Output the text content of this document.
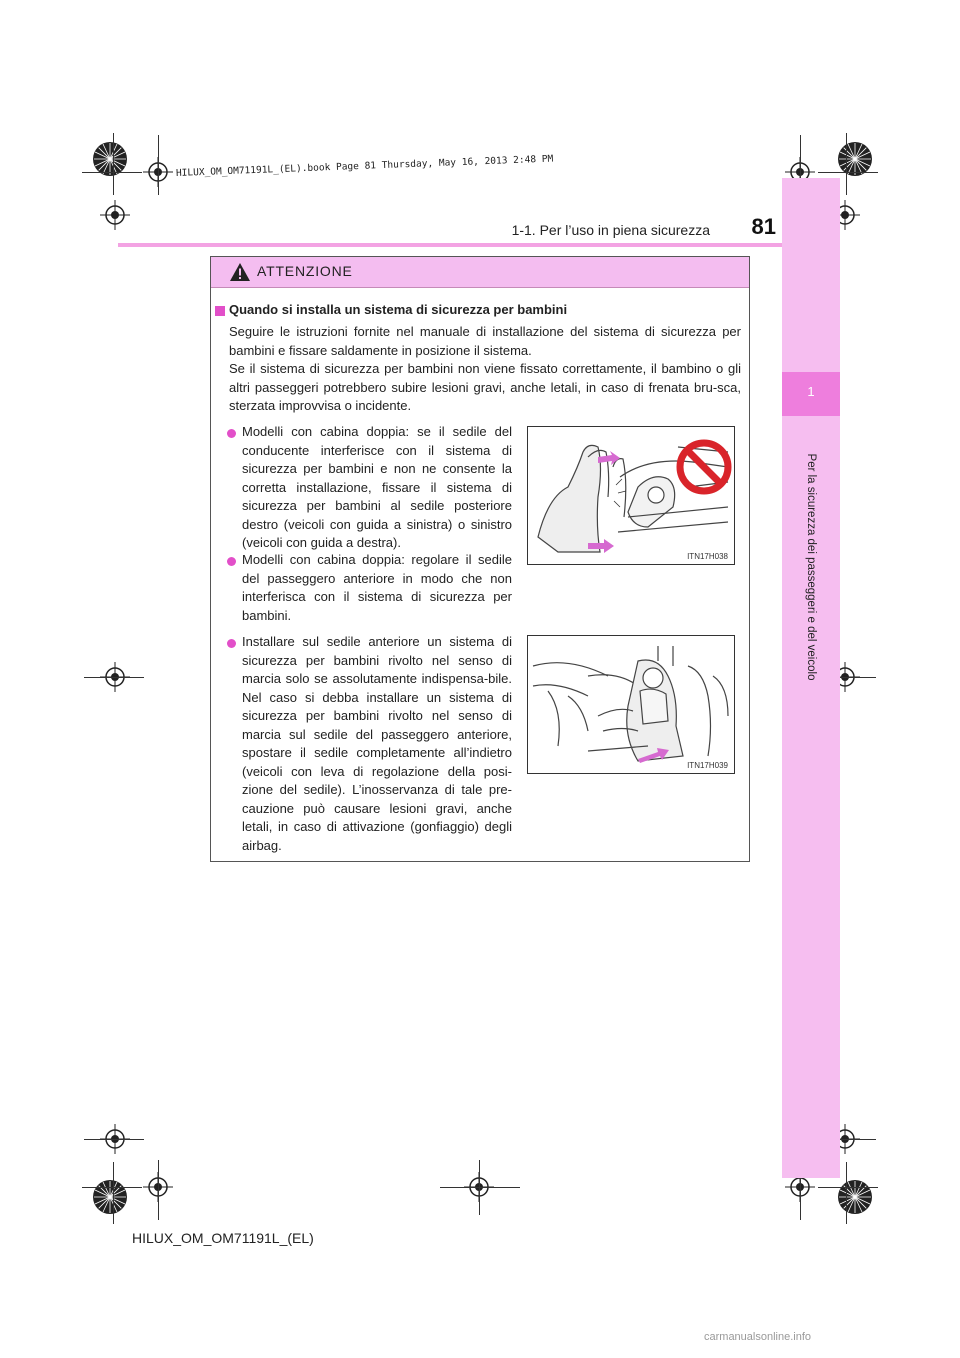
HILUX_OM_OM71191L_(EL).book Page 81 Thursday, May 16, 2013 2:48 PM
1
Per la sicurezza dei passeggeri e del veicolo
1-1. Per l’uso in piena sicurezza	81
ATTENZIONE
Quando si installa un sistema di sicurezza per bambini
Seguire le istruzioni fornite nel manuale di installazione del sistema di sicurezza per bambini e fissare saldamente in posizione il sistema.
Se il sistema di sicurezza per bambini non viene fissato correttamente, il bambino o gli altri passeggeri potrebbero subire lesioni gravi, anche letali, in caso di frenata bru-sca, sterzata improvvisa o incidente.
Modelli con cabina doppia: se il sedile del conducente interferisce con il sistema di sicurezza per bambini e non ne consente la corretta installazione, fissare il sistema di sicurezza per bambini al sedile posteriore destro (veicoli con guida a sinistra) o sinistro (veicoli con guida a destra).
Modelli con cabina doppia: regolare il sedile del passeggero anteriore in modo che non interferisca con il sistema di sicurezza per bambini.
Installare sul sedile anteriore un sistema di sicurezza per bambini rivolto nel senso di marcia solo se assolutamente indispensa-bile. Nel caso si debba installare un sistema di sicurezza per bambini rivolto nel senso di marcia sul sedile del passeggero anteriore, spostare il sedile completamente all’indietro (veicoli con leva di regolazione della posi-zione del sedile). L’inosservanza di tale pre-cauzione può causare lesioni gravi, anche letali, in caso di attivazione (gonfiaggio) degli airbag.
ITN17H038
ITN17H039
HILUX_OM_OM71191L_(EL)
carmanualsonline.info
